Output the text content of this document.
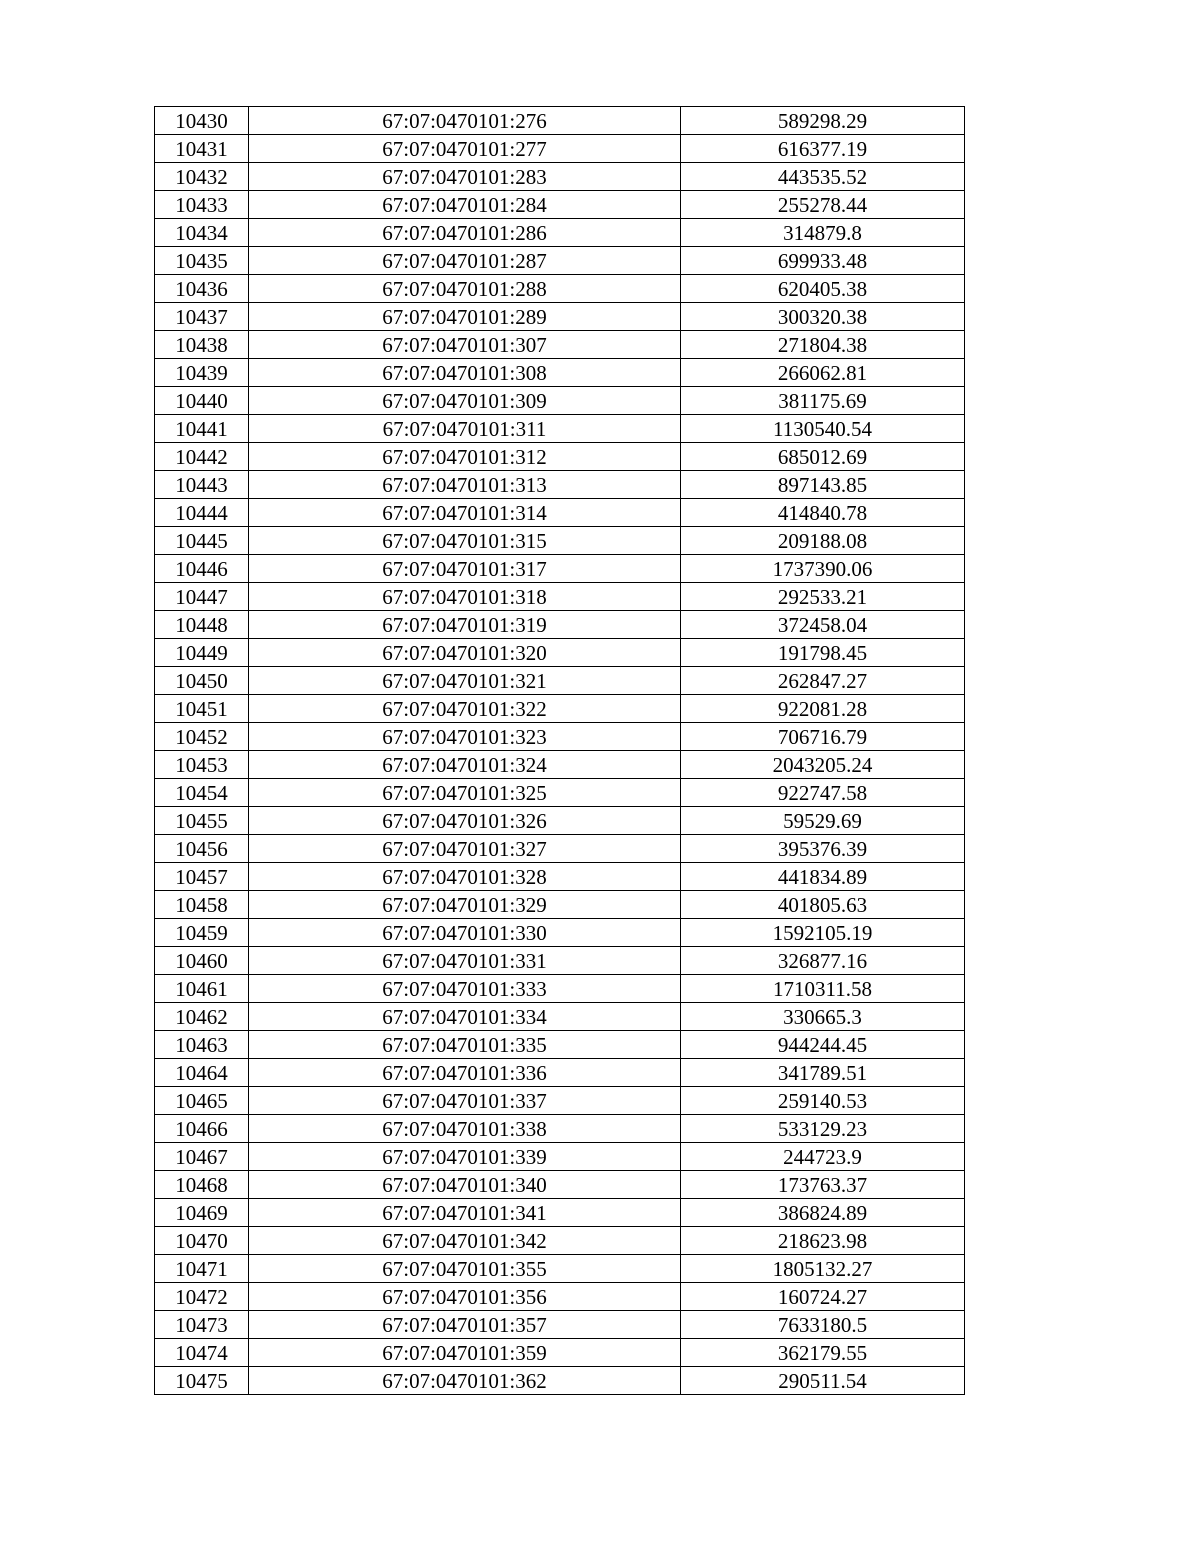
10430	67:07:0470101:276	589298.29
10431	67:07:0470101:277	616377.19
10432	67:07:0470101:283	443535.52
10433	67:07:0470101:284	255278.44
10434	67:07:0470101:286	314879.8
10435	67:07:0470101:287	699933.48
10436	67:07:0470101:288	620405.38
10437	67:07:0470101:289	300320.38
10438	67:07:0470101:307	271804.38
10439	67:07:0470101:308	266062.81
10440	67:07:0470101:309	381175.69
10441	67:07:0470101:311	1130540.54
10442	67:07:0470101:312	685012.69
10443	67:07:0470101:313	897143.85
10444	67:07:0470101:314	414840.78
10445	67:07:0470101:315	209188.08
10446	67:07:0470101:317	1737390.06
10447	67:07:0470101:318	292533.21
10448	67:07:0470101:319	372458.04
10449	67:07:0470101:320	191798.45
10450	67:07:0470101:321	262847.27
10451	67:07:0470101:322	922081.28
10452	67:07:0470101:323	706716.79
10453	67:07:0470101:324	2043205.24
10454	67:07:0470101:325	922747.58
10455	67:07:0470101:326	59529.69
10456	67:07:0470101:327	395376.39
10457	67:07:0470101:328	441834.89
10458	67:07:0470101:329	401805.63
10459	67:07:0470101:330	1592105.19
10460	67:07:0470101:331	326877.16
10461	67:07:0470101:333	1710311.58
10462	67:07:0470101:334	330665.3
10463	67:07:0470101:335	944244.45
10464	67:07:0470101:336	341789.51
10465	67:07:0470101:337	259140.53
10466	67:07:0470101:338	533129.23
10467	67:07:0470101:339	244723.9
10468	67:07:0470101:340	173763.37
10469	67:07:0470101:341	386824.89
10470	67:07:0470101:342	218623.98
10471	67:07:0470101:355	1805132.27
10472	67:07:0470101:356	160724.27
10473	67:07:0470101:357	7633180.5
10474	67:07:0470101:359	362179.55
10475	67:07:0470101:362	290511.54
